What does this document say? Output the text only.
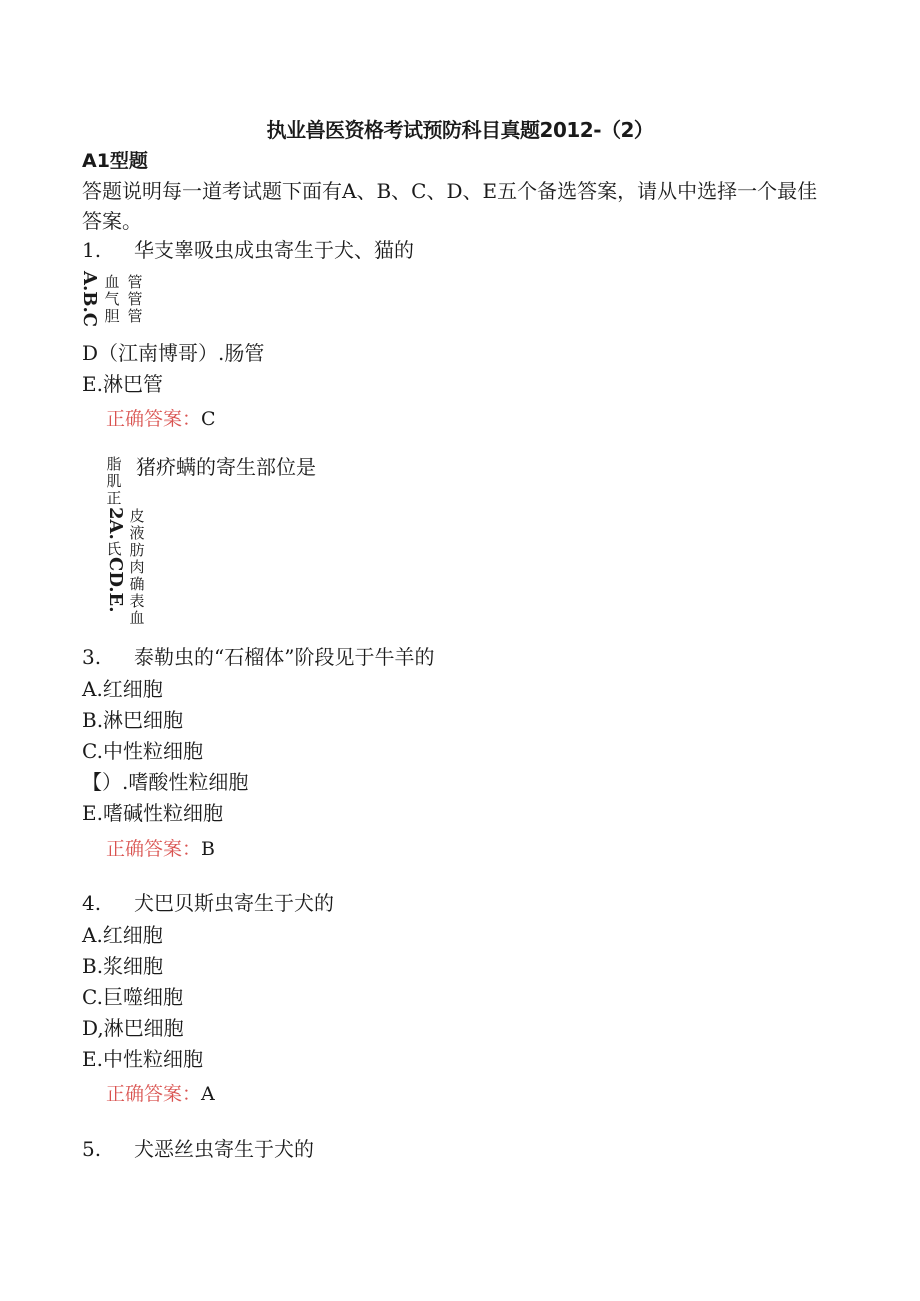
执业兽医资格考试预防科目真题2012-（2）
A1型题
答题说明每一道考试题下面有A、B、C、D、E五个备选答案，请从中选择一个最佳答案。
1. 华支睾吸虫成虫寄生于犬、猫的
A.B.C 血气胆
管管管
D（江南博哥）.肠管
E.淋巴管
正确答案：C
脂肌正
猪疥螨的寄生部位是
2A.
氏
CD.E.
皮液肪肉确表血
3. 泰勒虫的“石榴体”阶段见于牛羊的
A.红细胞
B.淋巴细胞
C.中性粒细胞
【）.嗜酸性粒细胞
E.嗜碱性粒细胞
正确答案：B
4. 犬巴贝斯虫寄生于犬的
A.红细胞
B.浆细胞
C.巨噬细胞
D,淋巴细胞
E.中性粒细胞
正确答案：A
5. 犬恶丝虫寄生于犬的
